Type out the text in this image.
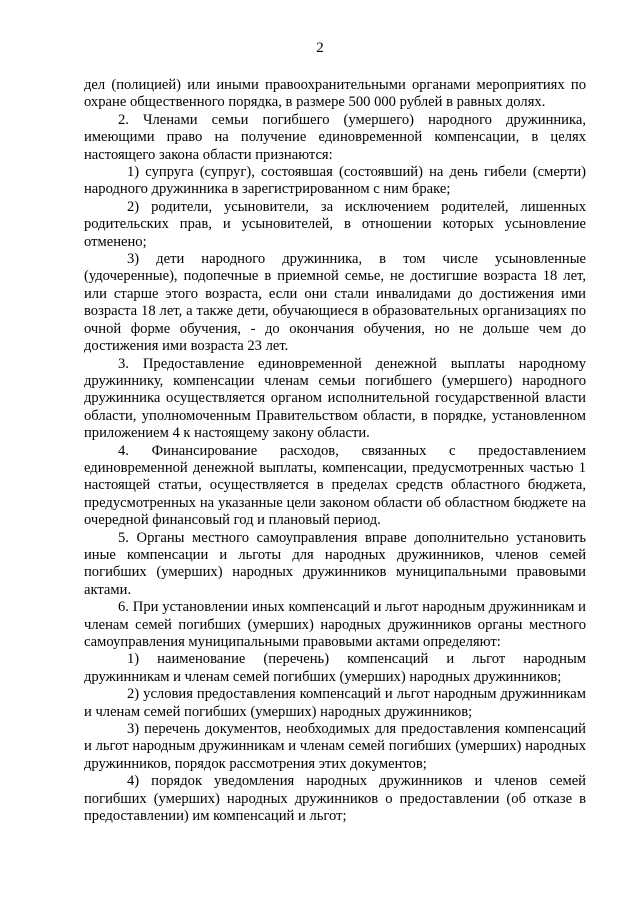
2

дел (полицией) или иными правоохранительными органами мероприятиях по охране общественного порядка, в размере 500 000 рублей в равных долях.

2. Членами семьи погибшего (умершего) народного дружинника, имеющими право на получение единовременной компенсации, в целях настоящего закона области признаются:

1) супруга (супруг), состоявшая (состоявший) на день гибели (смерти) народного дружинника в зарегистрированном с ним браке;

2) родители, усыновители, за исключением родителей, лишенных родительских прав, и усыновителей, в отношении которых усыновление отменено;

3) дети народного дружинника, в том числе усыновленные (удочеренные), подопечные в приемной семье, не достигшие возраста 18 лет, или старше этого возраста, если они стали инвалидами до достижения ими возраста 18 лет, а также дети, обучающиеся в образовательных организациях по очной форме обучения, - до окончания обучения, но не дольше чем до достижения ими возраста 23 лет.

3. Предоставление единовременной денежной выплаты народному дружиннику, компенсации членам семьи погибшего (умершего) народного дружинника осуществляется органом исполнительной государственной власти области, уполномоченным Правительством области, в порядке, установленном приложением 4 к настоящему закону области.

4. Финансирование расходов, связанных с предоставлением единовременной денежной выплаты, компенсации, предусмотренных частью 1 настоящей статьи, осуществляется в пределах средств областного бюджета, предусмотренных на указанные цели законом области об областном бюджете на очередной финансовый год и плановый период.

5. Органы местного самоуправления вправе дополнительно установить иные компенсации и льготы для народных дружинников, членов семей погибших (умерших) народных дружинников муниципальными правовыми актами.

6. При установлении иных компенсаций и льгот народным дружинникам и членам семей погибших (умерших) народных дружинников органы местного самоуправления муниципальными правовыми актами определяют:

1) наименование (перечень) компенсаций и льгот народным дружинникам и членам семей погибших (умерших) народных дружинников;

2) условия предоставления компенсаций и льгот народным дружинникам и членам семей погибших (умерших) народных дружинников;

3) перечень документов, необходимых для предоставления компенсаций и льгот народным дружинникам и членам семей погибших (умерших) народных дружинников, порядок рассмотрения этих документов;

4) порядок уведомления народных дружинников и членов семей погибших (умерших) народных дружинников о предоставлении (об отказе в предоставлении) им компенсаций и льгот;
